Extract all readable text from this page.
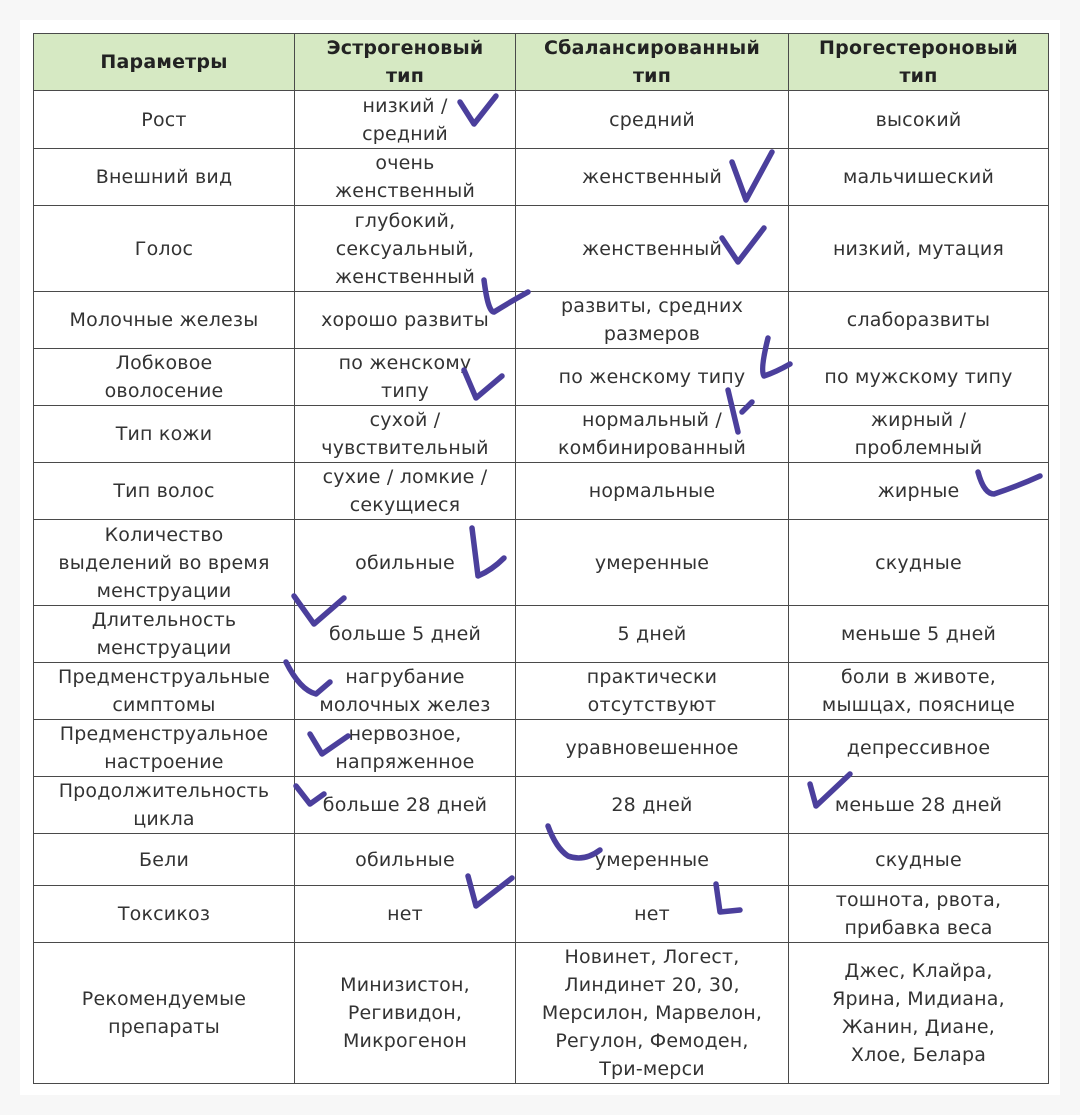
Параметры	Эстрогеновый тип	Сбалансированный тип	Прогестероновый тип
Рост	низкий / средний	средний	высокий
Внешний вид	очень женственный	женственный	мальчишеский
Голос	глубокий, сексуальный, женственный	женственный	низкий, мутация
Молочные железы	хорошо развиты	развиты, средних размеров	слаборазвиты
Лобковое оволосение	по женскому типу	по женскому типу	по мужскому типу
Тип кожи	сухой / чувствительный	нормальный / комбинированный	жирный / проблемный
Тип волос	сухие / ломкие / секущиеся	нормальные	жирные
Количество выделений во время менструации	обильные	умеренные	скудные
Длительность менструации	больше 5 дней	5 дней	меньше 5 дней
Предменструальные симптомы	нагрубание молочных желез	практически отсутствуют	боли в животе, мышцах, пояснице
Предменструальное настроение	нервозное, напряженное	уравновешенное	депрессивное
Продолжительность цикла	больше 28 дней	28 дней	меньше 28 дней
Бели	обильные	умеренные	скудные
Токсикоз	нет	нет	тошнота, рвота, прибавка веса
Рекомендуемые препараты	Минизистон, Регивидон, Микрогенон	Новинет, Логест, Линдинет 20, 30, Мерсилон, Марвелон, Регулон, Фемоден, Три-мерси	Джес, Клайра, Ярина, Мидиана, Жанин, Диане, Хлое, Белара
